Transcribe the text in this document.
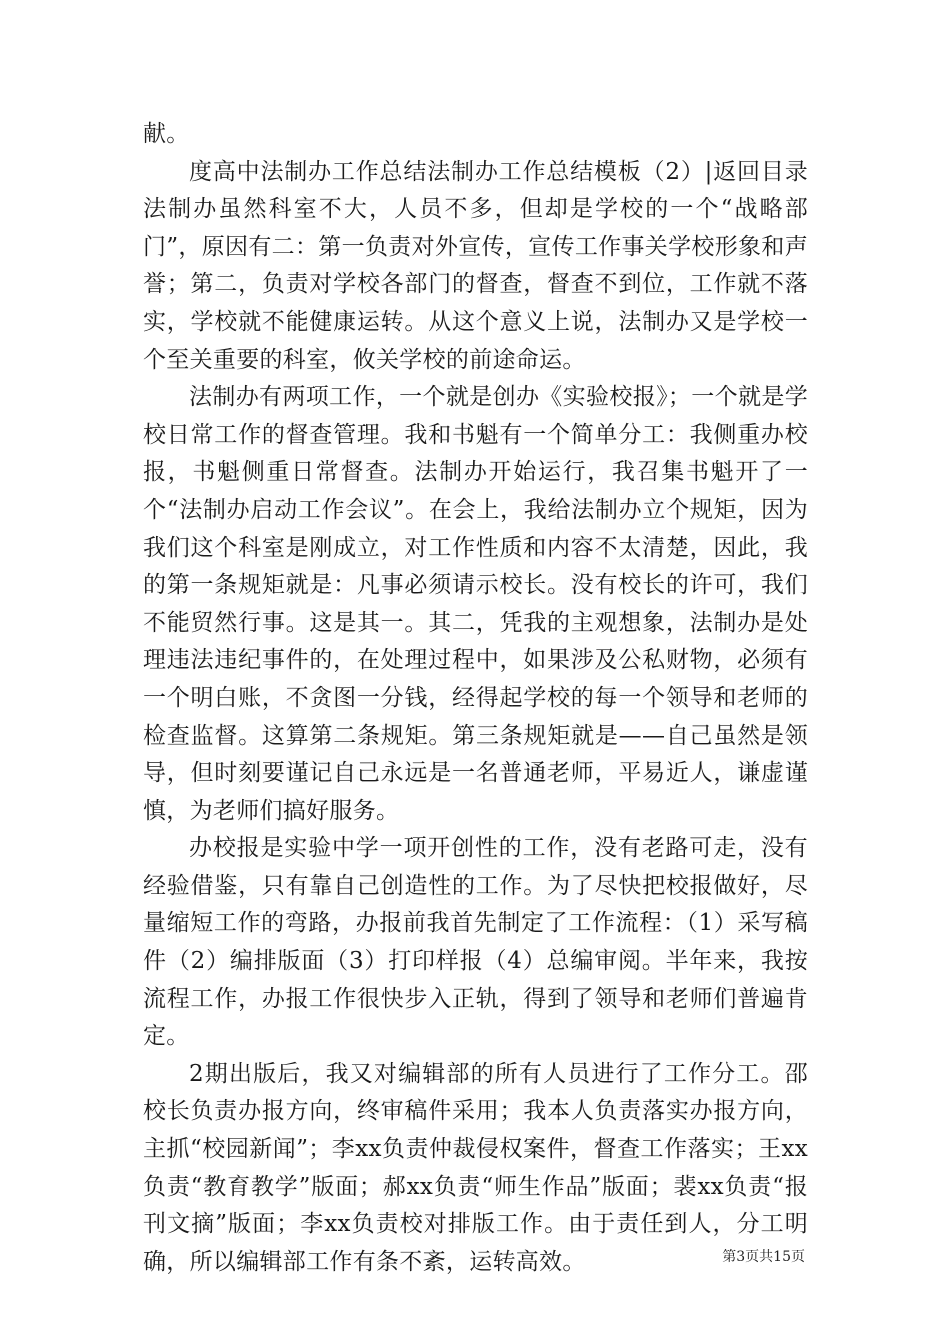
献。

度高中法制办工作总结法制办工作总结模板（2）|返回目录法制办虽然科室不大，人员不多，但却是学校的一个“战略部门”，原因有二：第一负责对外宣传，宣传工作事关学校形象和声誉；第二，负责对学校各部门的督查，督查不到位，工作就不落实，学校就不能健康运转。从这个意义上说，法制办又是学校一个至关重要的科室，攸关学校的前途命运。

法制办有两项工作，一个就是创办《实验校报》；一个就是学校日常工作的督查管理。我和书魁有一个简单分工：我侧重办校报，书魁侧重日常督查。法制办开始运行，我召集书魁开了一个“法制办启动工作会议”。在会上，我给法制办立个规矩，因为我们这个科室是刚成立，对工作性质和内容不太清楚，因此，我的第一条规矩就是：凡事必须请示校长。没有校长的许可，我们不能贸然行事。这是其一。其二，凭我的主观想象，法制办是处理违法违纪事件的，在处理过程中，如果涉及公私财物，必须有一个明白账，不贪图一分钱，经得起学校的每一个领导和老师的检查监督。这算第二条规矩。第三条规矩就是——自己虽然是领导，但时刻要谨记自己永远是一名普通老师，平易近人，谦虚谨慎，为老师们搞好服务。

办校报是实验中学一项开创性的工作，没有老路可走，没有经验借鉴，只有靠自己创造性的工作。为了尽快把校报做好，尽量缩短工作的弯路，办报前我首先制定了工作流程：（1）采写稿件（2）编排版面（3）打印样报（4）总编审阅。半年来，我按流程工作，办报工作很快步入正轨，得到了领导和老师们普遍肯定。

2期出版后，我又对编辑部的所有人员进行了工作分工。邵校长负责办报方向，终审稿件采用；我本人负责落实办报方向，主抓“校园新闻”；李xx负责仲裁侵权案件，督查工作落实；王xx负责“教育教学”版面；郝xx负责“师生作品”版面；裴xx负责“报刊文摘”版面；李xx负责校对排版工作。由于责任到人，分工明确，所以编辑部工作有条不紊，运转高效。	第3页共15页
